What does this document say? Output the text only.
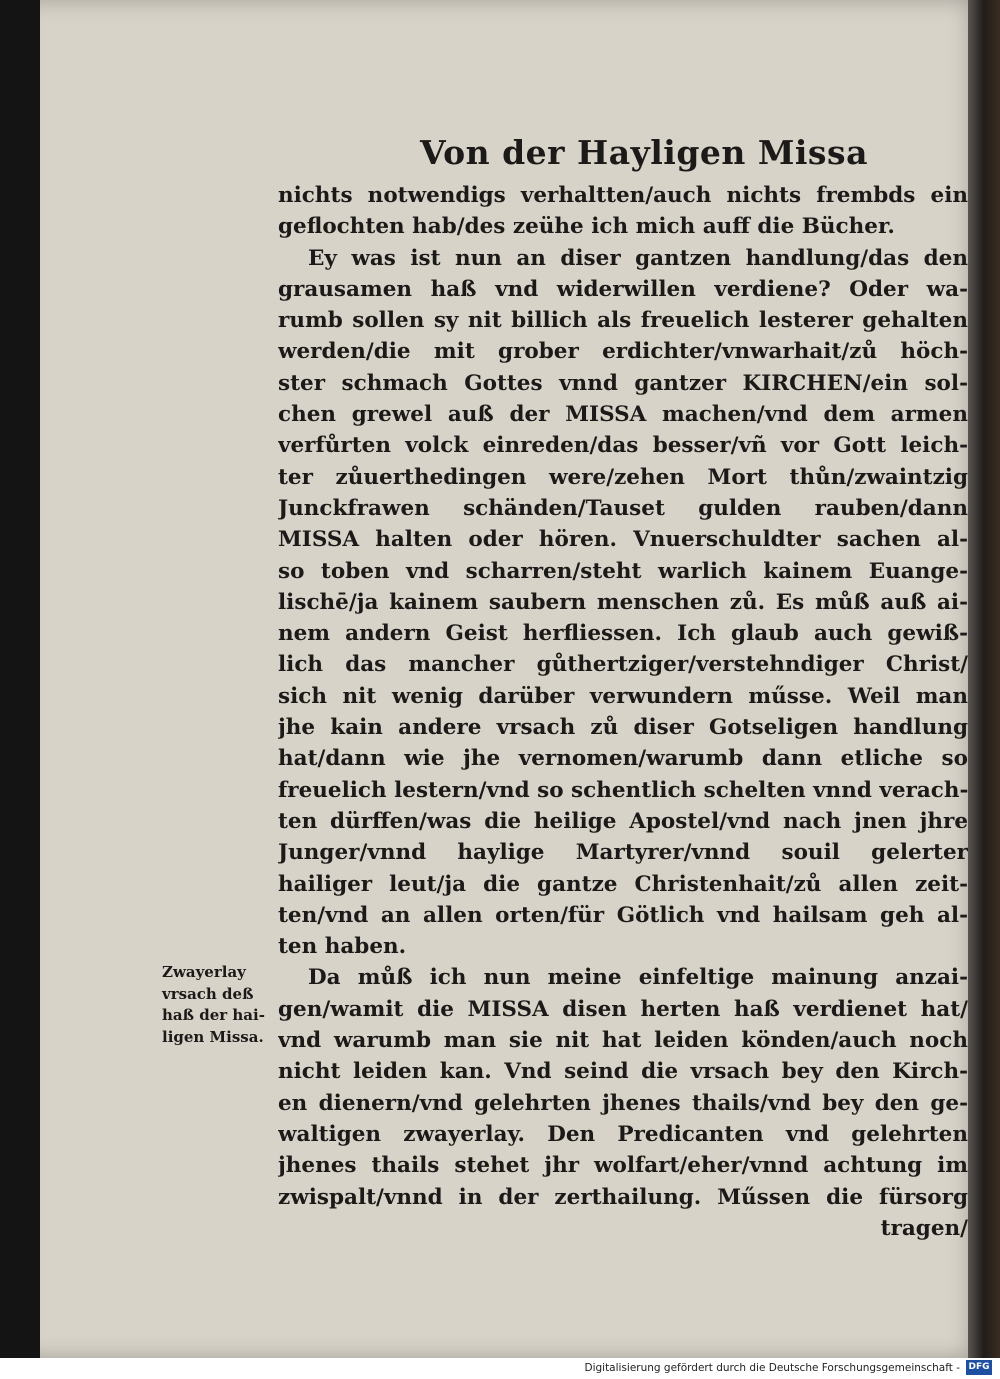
Von der Hayligen Missa
nichts notwendigs verhaltten/auch nichts frembds ein
geflochten hab/des zeühe ich mich auff die Bücher.
Ey was ist nun an diser gantzen handlung/das den
grausamen haß vnd widerwillen verdiene? Oder wa-
rumb sollen sy nit billich als freuelich lesterer gehalten
werden/die mit grober erdichter/vnwarhait/zů höch-
ster schmach Gottes vnnd gantzer KIRCHEN/ein sol-
chen grewel auß der MISSA machen/vnd dem armen
verfůrten volck einreden/das besser/vñ vor Gott leich-
ter zůuerthedingen were/zehen Mort thůn/zwaintzig
Junckfrawen schänden/Tauset gulden rauben/dann
MISSA halten oder hören. Vnuerschuldter sachen al-
so toben vnd scharren/steht warlich kainem Euange-
lischē/ja kainem saubern menschen zů. Es můß auß ai-
nem andern Geist herfliessen. Ich glaub auch gewiß-
lich das mancher gůthertziger/verstehndiger Christ/
sich nit wenig darüber verwundern műsse. Weil man
jhe kain andere vrsach zů diser Gotseligen handlung
hat/dann wie jhe vernomen/warumb dann etliche so
freuelich lestern/vnd so schentlich schelten vnnd verach-
ten dürffen/was die heilige Apostel/vnd nach jnen jhre
Junger/vnnd haylige Martyrer/vnnd souil gelerter
hailiger leut/ja die gantze Christenhait/zů allen zeit-
ten/vnd an allen orten/für Götlich vnd hailsam geh al-
ten haben.
Da můß ich nun meine einfeltige mainung anzai-
gen/wamit die MISSA disen herten haß verdienet hat/
vnd warumb man sie nit hat leiden könden/auch noch
nicht leiden kan. Vnd seind die vrsach bey den Kirch-
en dienern/vnd gelehrten jhenes thails/vnd bey den ge-
waltigen zwayerlay. Den Predicanten vnd gelehrten
jhenes thails stehet jhr wolfart/eher/vnnd achtung im
zwispalt/vnnd in der zerthailung. Műssen die fürsorg
tragen/
Zwayerlay
vrsach deß
haß der hai-
ligen Missa.
Digitalisierung gefördert durch die Deutsche Forschungsgemeinschaft - DFG
